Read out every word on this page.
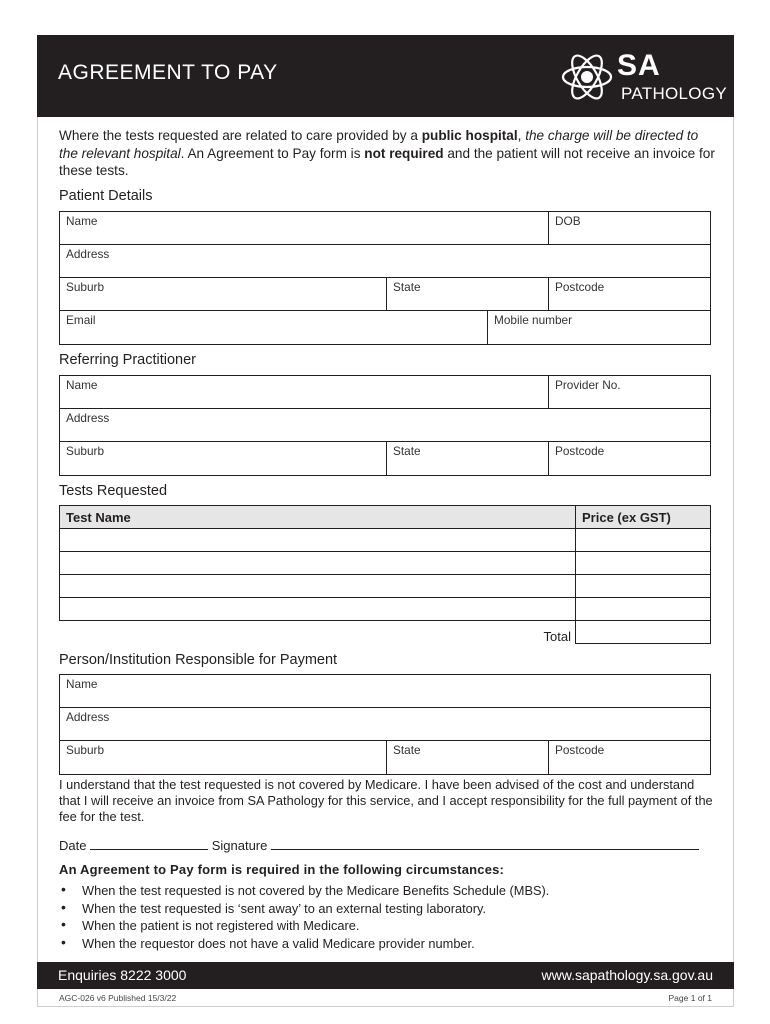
AGREEMENT TO PAY	SA
PATHOLOGY

Where the tests requested are related to care provided by a public hospital, the charge will be directed to the relevant hospital. An Agreement to Pay form is not required and the patient will not receive an invoice for these tests.

Patient Details
Name	DOB
Address
Suburb	State	Postcode
Email	Mobile number
Referring Practitioner
Name	Provider No.
Address
Suburb	State	Postcode
Tests Requested
Test Name	Price (ex GST)

Total	
Person/Institution Responsible for Payment
Name
Address
Suburb	State	Postcode

I understand that the test requested is not covered by Medicare. I have been advised of the cost and understand that I will receive an invoice from SA Pathology for this service, and I accept responsibility for the full payment of the fee for the test.

Date	Signature
An Agreement to Pay form is required in the following circumstances:
• When the test requested is not covered by the Medicare Benefits Schedule (MBS).
• When the test requested is ‘sent away’ to an external testing laboratory.
• When the patient is not registered with Medicare.
• When the requestor does not have a valid Medicare provider number.
Enquiries 8222 3000	www.sapathology.sa.gov.au
AGC-026 v6 Published 15/3/22	Page 1 of 1
